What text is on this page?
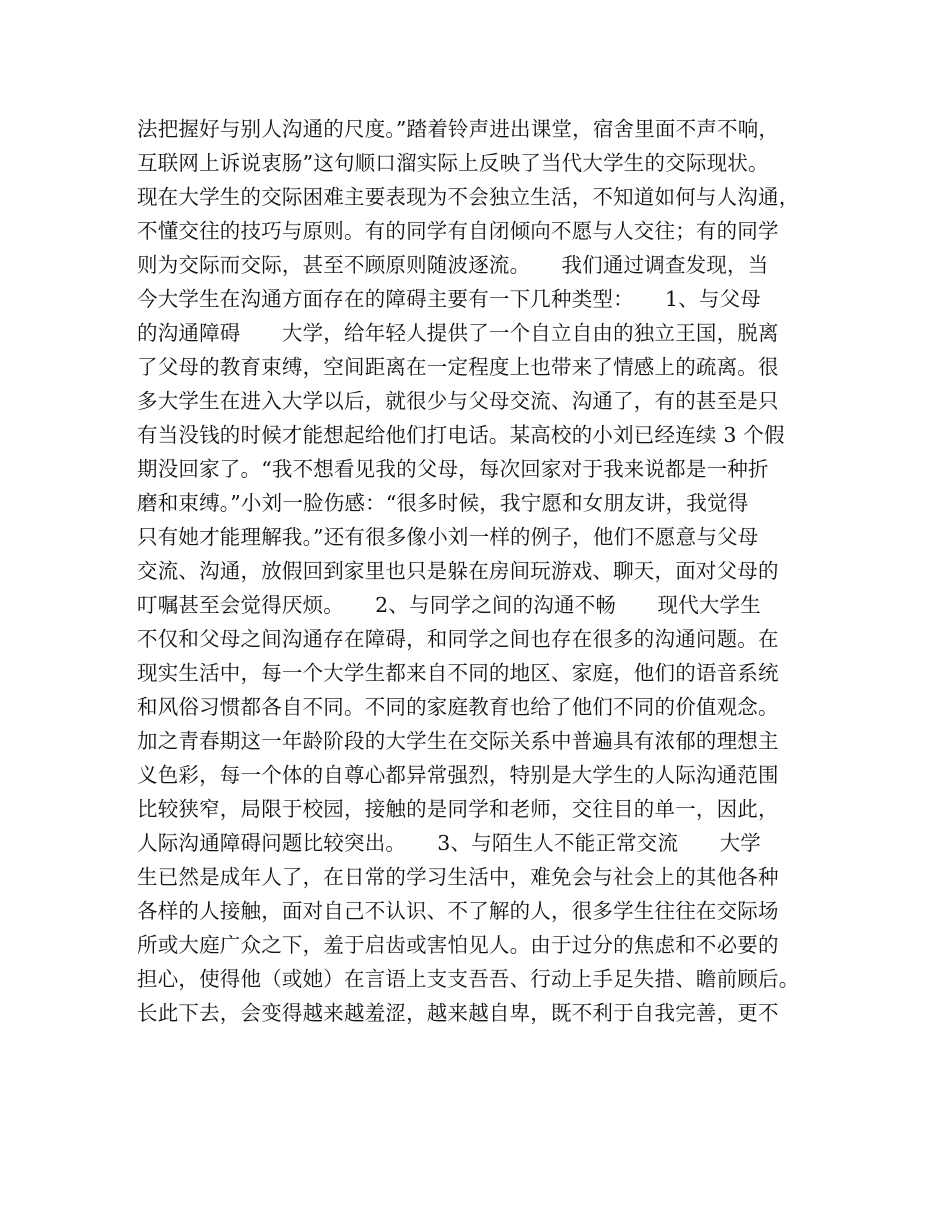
法把握好与别人沟通的尺度。”踏着铃声进出课堂，宿舍里面不声不响，
互联网上诉说衷肠”这句顺口溜实际上反映了当代大学生的交际现状。
现在大学生的交际困难主要表现为不会独立生活，不知道如何与人沟通，
不懂交往的技巧与原则。有的同学有自闭倾向不愿与人交往；有的同学
则为交际而交际，甚至不顾原则随波逐流。　　我们通过调查发现，当
今大学生在沟通方面存在的障碍主要有一下几种类型：　　1、与父母
的沟通障碍　　大学，给年轻人提供了一个自立自由的独立王国，脱离
了父母的教育束缚，空间距离在一定程度上也带来了情感上的疏离。很
多大学生在进入大学以后，就很少与父母交流、沟通了，有的甚至是只
有当没钱的时候才能想起给他们打电话。某高校的小刘已经连续 3 个假
期没回家了。“我不想看见我的父母，每次回家对于我来说都是一种折
磨和束缚。”小刘一脸伤感：“很多时候，我宁愿和女朋友讲，我觉得
只有她才能理解我。”还有很多像小刘一样的例子，他们不愿意与父母
交流、沟通，放假回到家里也只是躲在房间玩游戏、聊天，面对父母的
叮嘱甚至会觉得厌烦。　　2、与同学之间的沟通不畅　　现代大学生
不仅和父母之间沟通存在障碍，和同学之间也存在很多的沟通问题。在
现实生活中，每一个大学生都来自不同的地区、家庭，他们的语音系统
和风俗习惯都各自不同。不同的家庭教育也给了他们不同的价值观念。
加之青春期这一年龄阶段的大学生在交际关系中普遍具有浓郁的理想主
义色彩，每一个体的自尊心都异常强烈，特别是大学生的人际沟通范围
比较狭窄，局限于校园，接触的是同学和老师，交往目的单一，因此，
人际沟通障碍问题比较突出。　　3、与陌生人不能正常交流　　大学
生已然是成年人了，在日常的学习生活中，难免会与社会上的其他各种
各样的人接触，面对自己不认识、不了解的人，很多学生往往在交际场
所或大庭广众之下，羞于启齿或害怕见人。由于过分的焦虑和不必要的
担心，使得他（或她）在言语上支支吾吾、行动上手足失措、瞻前顾后。
长此下去，会变得越来越羞涩，越来越自卑，既不利于自我完善，更不
